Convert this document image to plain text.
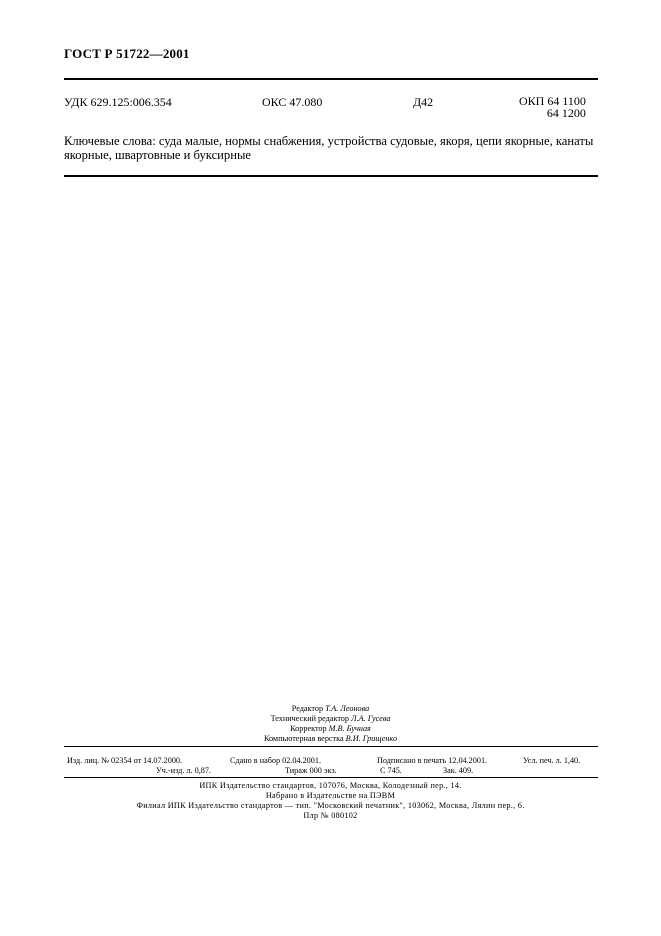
ГОСТ Р 51722—2001
УДК 629.125:006.354	ОКС 47.080	Д42	ОКП 64 1100
64 1200
Ключевые слова: суда малые, нормы снабжения, устройства судовые, якоря, цепи якорные, канаты якорные, швартовные и буксирные
Редактор Т.А. Леонова
Технический редактор Л.А. Гусева
Корректор М.В. Бучная
Компьютерная верстка В.И. Грищенко
Изд. лиц. № 02354 от 14.07.2000.	Сдано в набор 02.04.2001.	Подписано в печать 12.04.2001.	Усл. печ. л. 1,40.
Уч.-изд. л. 0,87.	Тираж 000 экз.	С 745.	Зак. 409.
ИПК Издательство стандартов, 107076, Москва, Колодезный пер., 14.
Набрано в Издательстве на ПЭВМ
Филиал ИПК Издательство стандартов — тип. "Московский печатник", 103062, Москва, Лялин пер., 6.
Плр № 080102
